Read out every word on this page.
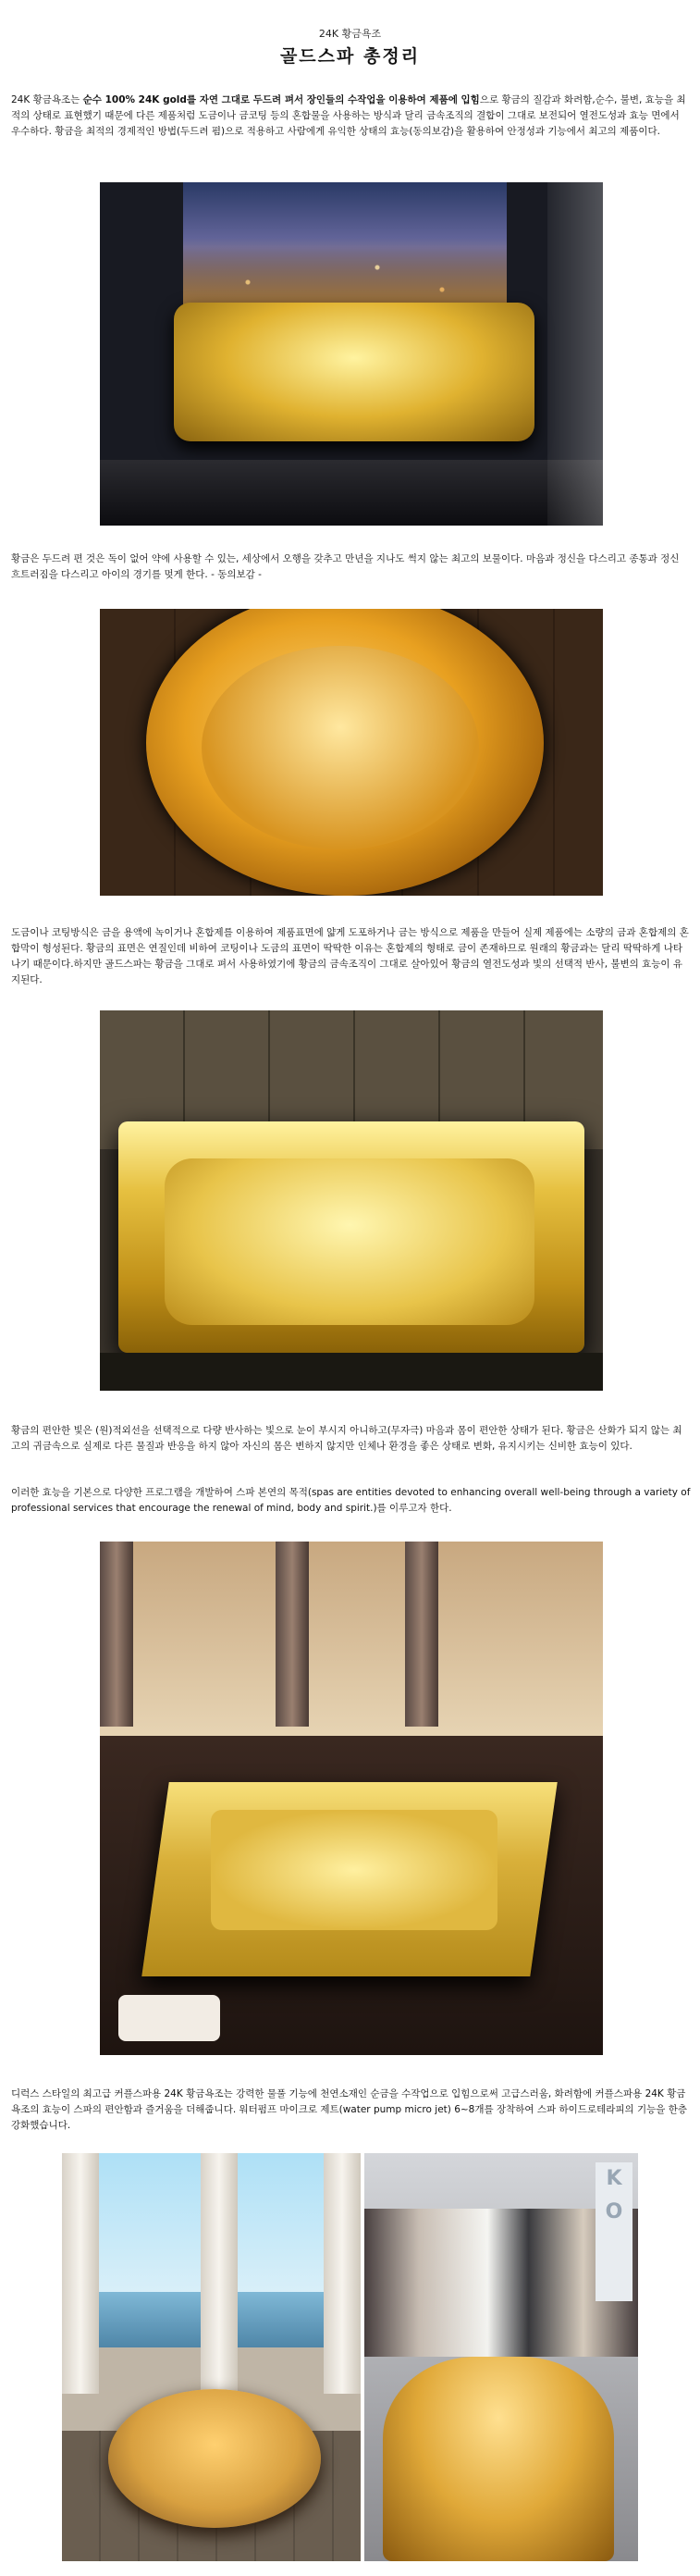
24K 황금욕조
골드스파 총정리
24K 황금욕조는 순수 100% 24K gold를 자연 그대로 두드려 펴서 장인들의 수작업을 이용하여 제품에 입힘으로 황금의 질감과 화려함,순수, 불변, 효능을 최적의 상태로 표현했기 때문에 다른 제품처럼 도금이나 금코팅 등의 혼합물을 사용하는 방식과 달리 금속조직의 결합이 그대로 보전되어 열전도성과 효능 면에서 우수하다. 황금을 최적의 경제적인 방법(두드려 폄)으로 적용하고 사람에게 유익한 상태의 효능(동의보감)을 활용하여 안정성과 기능에서 최고의 제품이다.
황금은 두드려 편 것은 독이 없어 약에 사용할 수 있는, 세상에서 오행을 갖추고 만년을 지나도 썩지 않는 최고의 보물이다. 마음과 정신을 다스리고 종통과 정신 흐트러짐을 다스리고 아이의 경기를 멎게 한다. - 동의보감 -
도금이나 코팅방식은 금을 용액에 녹이거나 혼합제를 이용하여 제품표면에 얇게 도포하거나 금는 방식으로 제품을 만들어 실제 제품에는 소량의 금과 혼합제의 혼합막이 형성된다. 황금의 표면은 연질인데 비하여 코팅이나 도금의 표면이 딱딱한 이유는 혼합제의 형태로 금이 존재하므로 원래의 황금과는 달리 딱딱하게 나타나기 때문이다.하지만 골드스파는 황금을 그대로 펴서 사용하였기에 황금의 금속조직이 그대로 살아있어 황금의 열전도성과 빛의 선택적 반사, 불변의 효능이 유지된다.
황금의 편안한 빛은 (원)적외선을 선택적으로 다량 반사하는 빛으로 눈이 부시지 아니하고(무자극) 마음과 몸이 편안한 상태가 된다. 황금은 산화가 되지 않는 최고의 귀금속으로 실제로 다른 물질과 반응을 하지 않아 자신의 몸은 변하지 않지만 인체나 환경을 좋은 상태로 변화, 유지시키는 신비한 효능이 있다.
이러한 효능을 기본으로 다양한 프로그램을 개발하여 스파 본연의 목적(spas are entities devoted to enhancing overall well-being through a variety of professional services that encourage the renewal of mind, body and spirit.)를 이루고자 한다.
디럭스 스타일의 최고급 커플스파용 24K 황금욕조는 강력한 물풀 기능에 천연소재인 순금을 수작업으로 입힘으로써 고급스러움, 화려함에 커플스파용 24K 황금욕조의 효능이 스파의 편안함과 즐거움을 더해줍니다. 워터펌프 마이크로 제트(water pump micro jet) 6~8개를 장착하여 스파 하이드로테라피의 기능을 한층 강화했습니다.
K O
